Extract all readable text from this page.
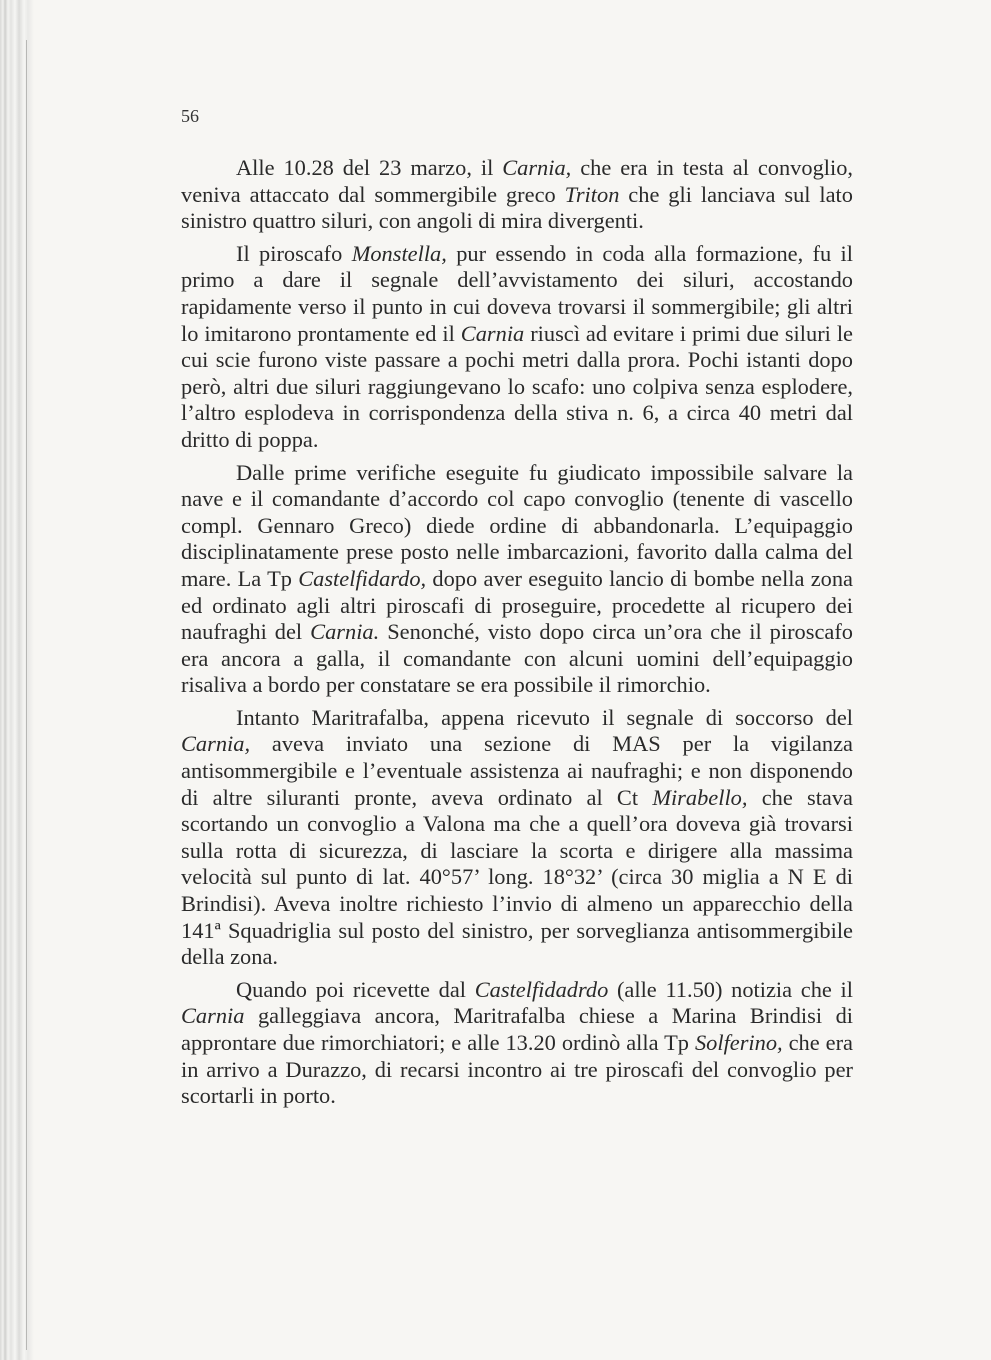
56

Alle 10.28 del 23 marzo, il Carnia, che era in testa al convoglio, veniva attaccato dal sommergibile greco Triton che gli lanciava sul lato sinistro quattro siluri, con angoli di mira divergenti.

Il piroscafo Monstella, pur essendo in coda alla formazione, fu il primo a dare il segnale dell’avvistamento dei siluri, accostando rapidamente verso il punto in cui doveva trovarsi il sommergibile; gli altri lo imitarono prontamente ed il Carnia riuscì ad evitare i primi due siluri le cui scie furono viste passare a pochi metri dalla prora. Pochi istanti dopo però, altri due siluri raggiungevano lo scafo: uno colpiva senza esplodere, l’altro esplodeva in corrispondenza della stiva n. 6, a circa 40 metri dal dritto di poppa.

Dalle prime verifiche eseguite fu giudicato impossibile salvare la nave e il comandante d’accordo col capo convoglio (tenente di vascello compl. Gennaro Greco) diede ordine di abbandonarla. L’equipaggio disciplinatamente prese posto nelle imbarcazioni, favorito dalla calma del mare. La Tp Castelfidardo, dopo aver eseguito lancio di bombe nella zona ed ordinato agli altri piroscafi di proseguire, procedette al ricupero dei naufraghi del Carnia. Senonché, visto dopo circa un’ora che il piroscafo era ancora a galla, il comandante con alcuni uomini dell’equipaggio risaliva a bordo per constatare se era possibile il rimorchio.

Intanto Maritrafalba, appena ricevuto il segnale di soccorso del Carnia, aveva inviato una sezione di MAS per la vigilanza antisommergibile e l’eventuale assistenza ai naufraghi; e non disponendo di altre siluranti pronte, aveva ordinato al Ct Mirabello, che stava scortando un convoglio a Valona ma che a quell’ora doveva già trovarsi sulla rotta di sicurezza, di lasciare la scorta e dirigere alla massima velocità sul punto di lat. 40°57’ long. 18°32’ (circa 30 miglia a N E di Brindisi). Aveva inoltre richiesto l’invio di almeno un apparecchio della 141ª Squadriglia sul posto del sinistro, per sorveglianza antisommergibile della zona.

Quando poi ricevette dal Castelfidadrdo (alle 11.50) notizia che il Carnia galleggiava ancora, Maritrafalba chiese a Marina Brindisi di approntare due rimorchiatori; e alle 13.20 ordinò alla Tp Solferino, che era in arrivo a Durazzo, di recarsi incontro ai tre piroscafi del convoglio per scortarli in porto.
